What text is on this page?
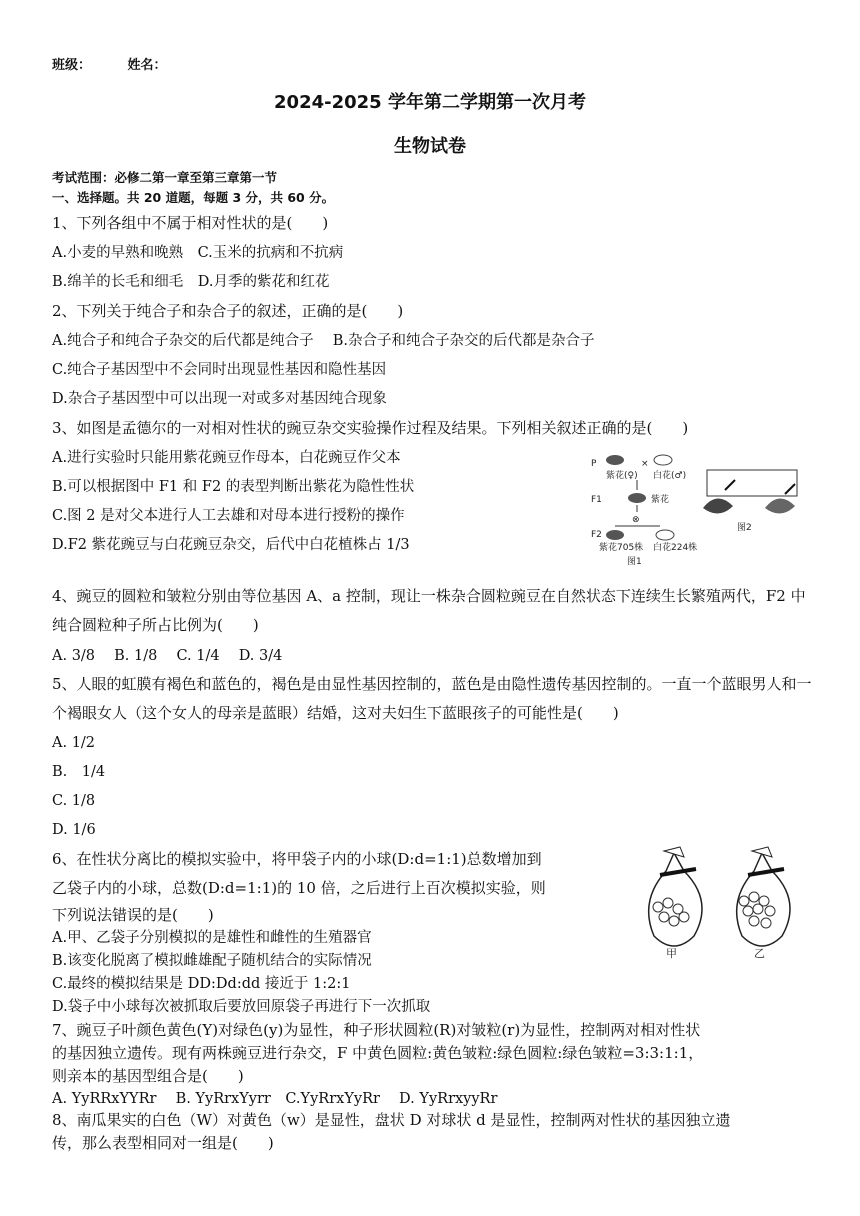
班级：	姓名：
2024-2025 学年第二学期第一次月考
生物试卷
考试范围：必修二第一章至第三章第一节
一、选择题。共 20 道题，每题 3 分，共 60 分。
1、下列各组中不属于相对性状的是(　　)
A.小麦的早熟和晚熟　C.玉米的抗病和不抗病
B.绵羊的长毛和细毛　D.月季的紫花和红花
2、下列关于纯合子和杂合子的叙述，正确的是(　　)
A.纯合子和纯合子杂交的后代都是纯合子　 B.杂合子和纯合子杂交的后代都是杂合子
C.纯合子基因型中不会同时出现显性基因和隐性基因
D.杂合子基因型中可以出现一对或多对基因纯合现象
3、如图是孟德尔的一对相对性状的豌豆杂交实验操作过程及结果。下列相关叙述正确的是(　　)
A.进行实验时只能用紫花豌豆作母本，白花豌豆作父本
B.可以根据图中 F1 和 F2 的表型判断出紫花为隐性性状
C.图 2 是对父本进行人工去雄和对母本进行授粉的操作
D.F2 紫花豌豆与白花豌豆杂交，后代中白花植株占 1/3
P
紫花(♀)
×
白花(♂)
F1	紫花
⊗
F2
紫花705株 白花224株
图1
图2
4、豌豆的圆粒和皱粒分别由等位基因 A、a 控制，现让一株杂合圆粒豌豆在自然状态下连续生长繁殖两代，F2 中纯合圆粒种子所占比例为(　　)
A. 3/8　 B. 1/8　 C. 1/4　 D. 3/4
5、人眼的虹膜有褐色和蓝色的，褐色是由显性基因控制的，蓝色是由隐性遗传基因控制的。一直一个蓝眼男人和一个褐眼女人（这个女人的母亲是蓝眼）结婚，这对夫妇生下蓝眼孩子的可能性是(　　)
A. 1/2
B.　1/4
C. 1/8
D. 1/6
6、在性状分离比的模拟实验中，将甲袋子内的小球(D:d=1:1)总数增加到
乙袋子内的小球，总数(D:d=1:1)的 10 倍，之后进行上百次模拟实验，则
下列说法错误的是(　　)
A.甲、乙袋子分别模拟的是雄性和雌性的生殖器官
B.该变化脱离了模拟雌雄配子随机结合的实际情况
C.最终的模拟结果是 DD:Dd:dd 接近于 1:2:1
D.袋子中小球每次被抓取后要放回原袋子再进行下一次抓取
甲	乙
7、豌豆子叶颜色黄色(Y)对绿色(y)为显性，种子形状圆粒(R)对皱粒(r)为显性，控制两对相对性状
的基因独立遗传。现有两株豌豆进行杂交，F 中黄色圆粒:黄色皱粒:绿色圆粒:绿色皱粒=3:3:1:1，
则亲本的基因型组合是(　　)
A. YyRRxYYRr　 B. YyRrxYyrr　C.YyRrxYyRr　 D. YyRrxyyRr
8、南瓜果实的白色（W）对黄色（w）是显性，盘状 D 对球状 d 是显性，控制两对性状的基因独立遗
传，那么表型相同对一组是(　　)
